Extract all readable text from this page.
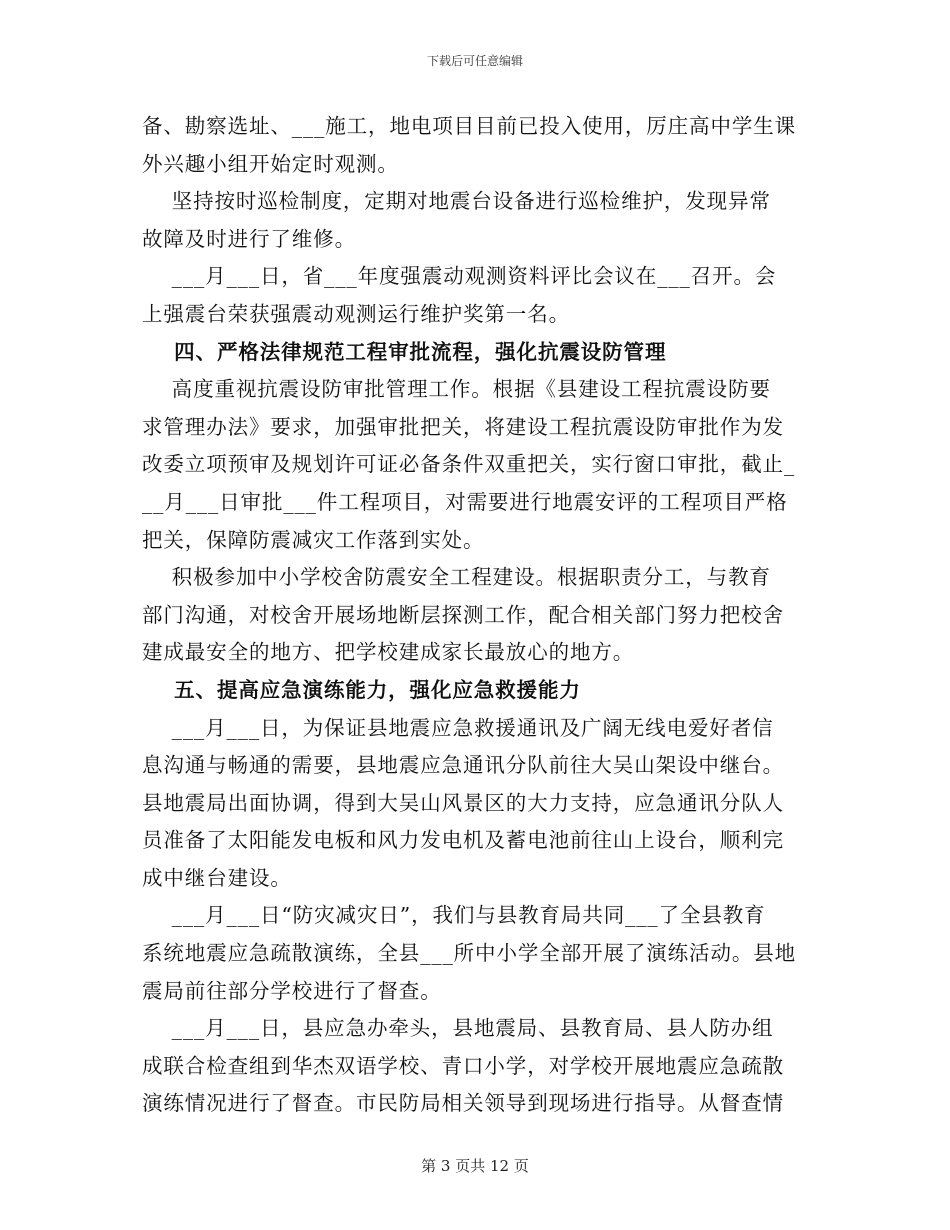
下载后可任意编辑
备、勘察选址、___施工，地电项目目前已投入使用，厉庄高中学生课
外兴趣小组开始定时观测。
坚持按时巡检制度，定期对地震台设备进行巡检维护，发现异常
故障及时进行了维修。
___月___日，省___年度强震动观测资料评比会议在___召开。会
上强震台荣获强震动观测运行维护奖第一名。
四、严格法律规范工程审批流程，强化抗震设防管理
高度重视抗震设防审批管理工作。根据《县建设工程抗震设防要
求管理办法》要求，加强审批把关，将建设工程抗震设防审批作为发
改委立项预审及规划许可证必备条件双重把关，实行窗口审批，截止_
__月___日审批___件工程项目，对需要进行地震安评的工程项目严格
把关，保障防震减灾工作落到实处。
积极参加中小学校舍防震安全工程建设。根据职责分工，与教育
部门沟通，对校舍开展场地断层探测工作，配合相关部门努力把校舍
建成最安全的地方、把学校建成家长最放心的地方。
五、提高应急演练能力，强化应急救援能力
___月___日，为保证县地震应急救援通讯及广阔无线电爱好者信
息沟通与畅通的需要，县地震应急通讯分队前往大吴山架设中继台。
县地震局出面协调，得到大吴山风景区的大力支持，应急通讯分队人
员准备了太阳能发电板和风力发电机及蓄电池前往山上设台，顺利完
成中继台建设。
___月___日“防灾减灾日”，我们与县教育局共同___了全县教育
系统地震应急疏散演练，全县___所中小学全部开展了演练活动。县地
震局前往部分学校进行了督查。
___月___日，县应急办牵头，县地震局、县教育局、县人防办组
成联合检查组到华杰双语学校、青口小学，对学校开展地震应急疏散
演练情况进行了督查。市民防局相关领导到现场进行指导。从督查情
第 3 页共 12 页
